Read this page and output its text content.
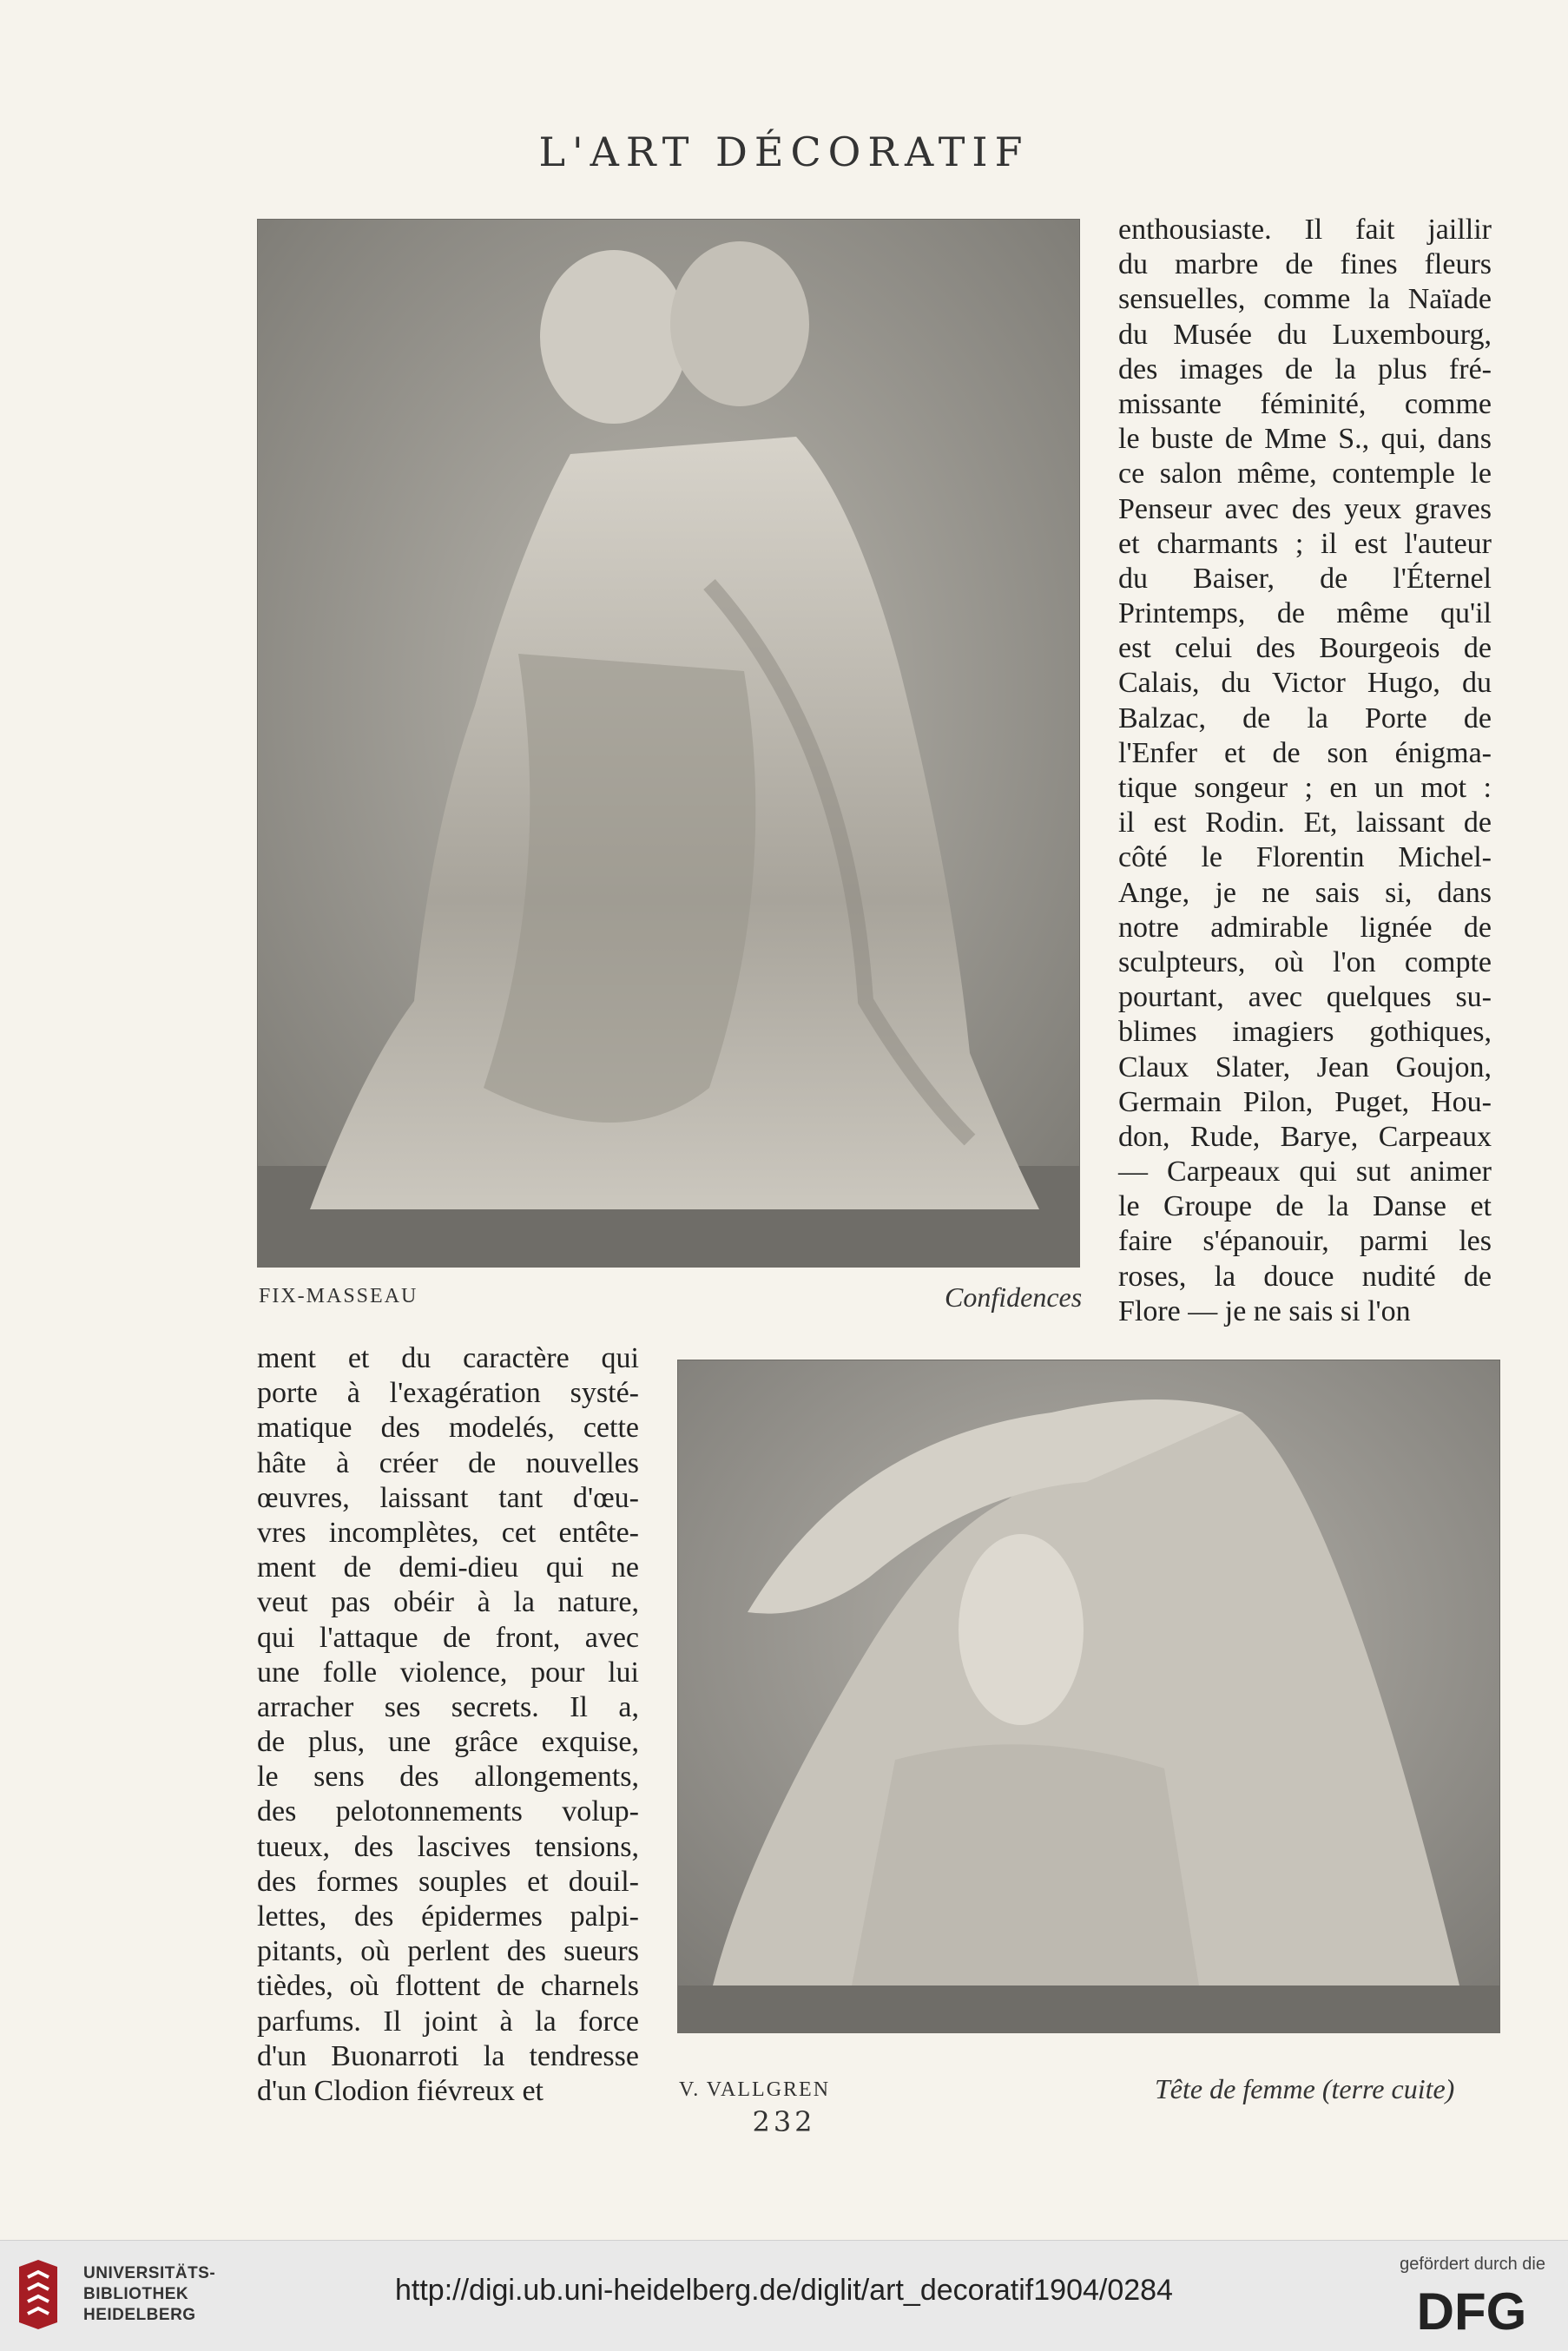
L'ART DÉCORATIF
FIX-MASSEAU	Confidences
enthousiaste. Il fait jaillir
du marbre de fines fleurs
sensuelles, comme la Naïade
du Musée du Luxembourg,
des images de la plus fré-
missante féminité, comme
le buste de Mme S., qui, dans
ce salon même, contemple le
Penseur avec des yeux graves
et charmants ; il est l'auteur
du Baiser, de l'Éternel
Printemps, de même qu'il
est celui des Bourgeois de
Calais, du Victor Hugo, du
Balzac, de la Porte de
l'Enfer et de son énigma-
tique songeur ; en un mot :
il est Rodin. Et, laissant de
côté le Florentin Michel-
Ange, je ne sais si, dans
notre admirable lignée de
sculpteurs, où l'on compte
pourtant, avec quelques su-
blimes imagiers gothiques,
Claux Slater, Jean Goujon,
Germain Pilon, Puget, Hou-
don, Rude, Barye, Carpeaux
— Carpeaux qui sut animer
le Groupe de la Danse et
faire s'épanouir, parmi les
roses, la douce nudité de
Flore — je ne sais si l'on
ment et du caractère qui
porte à l'exagération systé-
matique des modelés, cette
hâte à créer de nouvelles
œuvres, laissant tant d'œu-
vres incomplètes, cet entête-
ment de demi-dieu qui ne
veut pas obéir à la nature,
qui l'attaque de front, avec
une folle violence, pour lui
arracher ses secrets. Il a,
de plus, une grâce exquise,
le sens des allongements,
des pelotonnements volup-
tueux, des lascives tensions,
des formes souples et douil-
lettes, des épidermes palpi-
pitants, où perlent des sueurs
tièdes, où flottent de charnels
parfums. Il joint à la force
d'un Buonarroti la tendresse
d'un Clodion fiévreux et	V. VALLGREN	Tête de femme (terre cuite)
232
UNIVERSITÄTS-
BIBLIOTHEK
HEIDELBERG
http://digi.ub.uni-heidelberg.de/diglit/art_decoratif1904/0284
gefördert durch die
DFG
